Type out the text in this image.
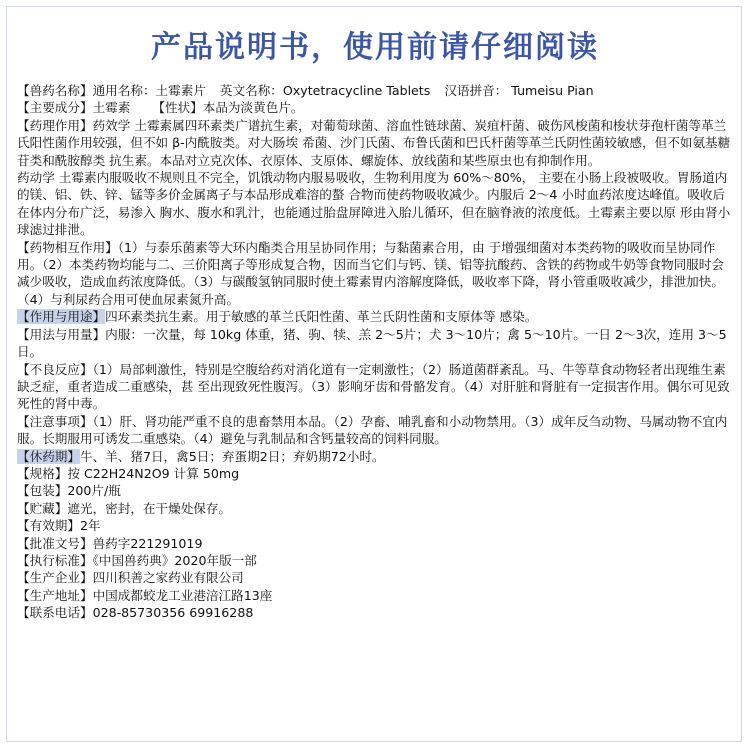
产品说明书，使用前请仔细阅读

【兽药名称】通用名称：土霉素片 英文名称：Oxytetracycline Tablets 汉语拼音： Tumeisu Pian

【主要成分】土霉素 【性状】本品为淡黄色片。

【药理作用】药效学 土霉素属四环素类广谱抗生素，对葡萄球菌、溶血性链球菌、炭疽杆菌、破伤风梭菌和梭状芽孢杆菌等革兰氏阳性菌作用较强，但不如 β-内酰胺类。对大肠埃 希菌、沙门氏菌、布鲁氏菌和巴氏杆菌等革兰氏阴性菌较敏感，但不如氨基糖苷类和酰胺醇类 抗生素。本品对立克次体、衣原体、支原体、螺旋体、放线菌和某些原虫也有抑制作用。

药动学 土霉素内服吸收不规则且不完全，饥饿动物内服易吸收，生物利用度为 60%～80%， 主要在小肠上段被吸收。胃肠道内的镁、铝、铁、锌、锰等多价金属离子与本品形成难溶的螯 合物而使药物吸收减少。内服后 2～4 小时血药浓度达峰值。吸收后在体内分布广泛，易渗入 胸水、腹水和乳汁，也能通过胎盘屏障进入胎儿循环，但在脑脊液的浓度低。土霉素主要以原 形由肾小球滤过排泄。

【药物相互作用】（1）与泰乐菌素等大环内酯类合用呈协同作用；与黏菌素合用，由 于增强细菌对本类药物的吸收而呈协同作用。（2）本类药物均能与二、三价阳离子等形成复合物，因而当它们与钙、镁、铝等抗酸药、含铁的药物或牛奶等食物同服时会减少吸收，造成血药浓度降低。（3）与碳酸氢钠同服时使土霉素胃内溶解度降低，吸收率下降，肾小管重吸收减少，排泄加快。（4）与利尿药合用可使血尿素氮升高。

【作用与用途】四环素类抗生素。用于敏感的革兰氏阳性菌、革兰氏阴性菌和支原体等 感染。

【用法与用量】内服：一次量，每 10kg 体重，猪、驹、犊、羔 2～5片；犬 3～10片；禽 5～10片。一日 2～3次，连用 3～5日。

【不良反应】（1）局部刺激性，特别是空腹给药对消化道有一定刺激性；（2）肠道菌群紊乱。马、牛等草食动物轻者出现维生素缺乏症，重者造成二重感染，甚 至出现致死性腹泻。（3）影响牙齿和骨骼发育。（4）对肝脏和肾脏有一定损害作用。偶尔可见致死性的肾中毒。

【注意事项】（1）肝、肾功能严重不良的患畜禁用本品。（2）孕畜、哺乳畜和小动物禁用。（3）成年反刍动物、马属动物不宜内服。长期服用可诱发二重感染。（4）避免与乳制品和含钙量较高的饲料同服。

【休药期】牛、羊、猪7日，禽5日；弃蛋期2日；弃奶期72小时。

【规格】按 C22H24N2O9 计算 50mg

【包装】200片/瓶

【贮藏】遮光，密封，在干燥处保存。

【有效期】2年

【批准文号】兽药字221291019

【执行标准】《中国兽药典》2020年版一部

【生产企业】四川积善之家药业有限公司

【生产地址】中国成都蛟龙工业港涪江路13座

【联系电话】028-85730356 69916288
